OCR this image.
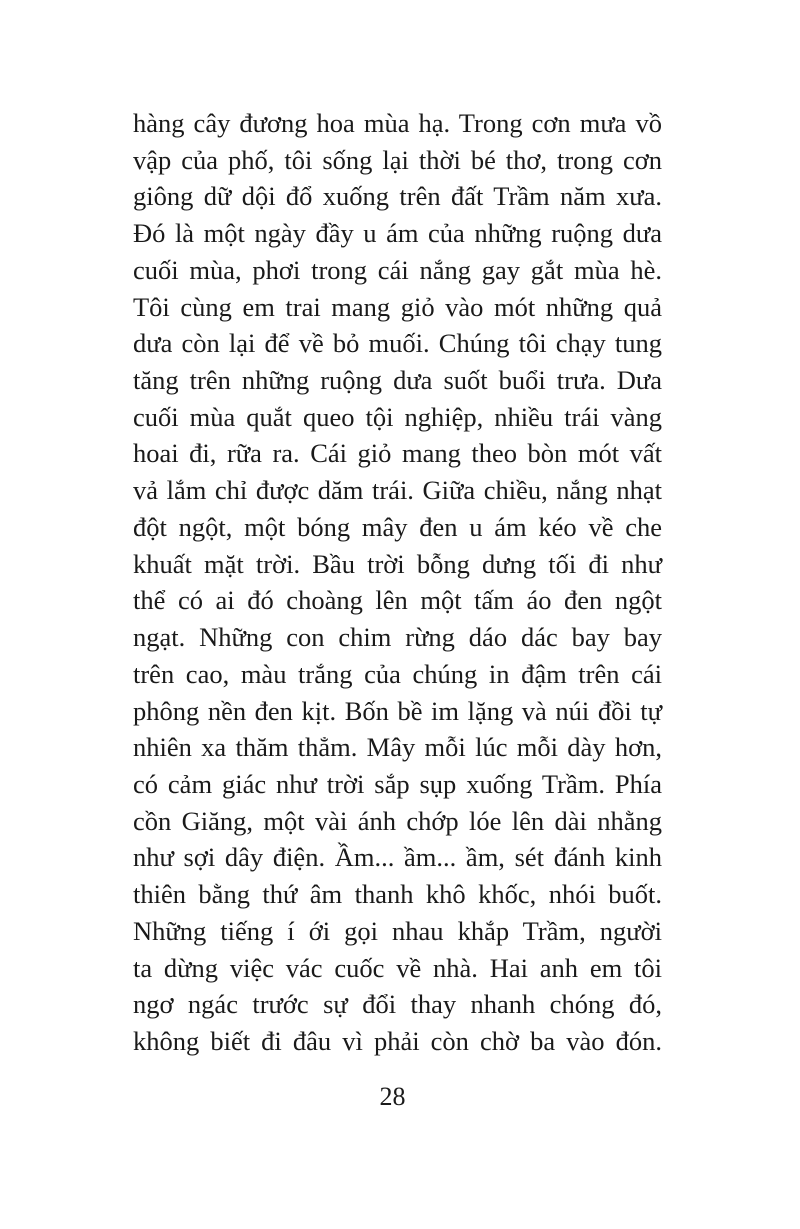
hàng cây đương hoa mùa hạ. Trong cơn mưa vồ
vập của phố, tôi sống lại thời bé thơ, trong cơn
giông dữ dội đổ xuống trên đất Trầm năm xưa.
Đó là một ngày đầy u ám của những ruộng dưa
cuối mùa, phơi trong cái nắng gay gắt mùa hè.
Tôi cùng em trai mang giỏ vào mót những quả
dưa còn lại để về bỏ muối. Chúng tôi chạy tung
tăng trên những ruộng dưa suốt buổi trưa. Dưa
cuối mùa quắt queo tội nghiệp, nhiều trái vàng
hoai đi, rữa ra. Cái giỏ mang theo bòn mót vất
vả lắm chỉ được dăm trái. Giữa chiều, nắng nhạt
đột ngột, một bóng mây đen u ám kéo về che
khuất mặt trời. Bầu trời bỗng dưng tối đi như
thể có ai đó choàng lên một tấm áo đen ngột
ngạt. Những con chim rừng dáo dác bay bay
trên cao, màu trắng của chúng in đậm trên cái
phông nền đen kịt. Bốn bề im lặng và núi đồi tự
nhiên xa thăm thẳm. Mây mỗi lúc mỗi dày hơn,
có cảm giác như trời sắp sụp xuống Trầm. Phía
cồn Giăng, một vài ánh chớp lóe lên dài nhằng
như sợi dây điện. Ầm... ầm... ầm, sét đánh kinh
thiên bằng thứ âm thanh khô khốc, nhói buốt.
Những tiếng í ới gọi nhau khắp Trầm, người
ta dừng việc vác cuốc về nhà. Hai anh em tôi
ngơ ngác trước sự đổi thay nhanh chóng đó,
không biết đi đâu vì phải còn chờ ba vào đón.
28
